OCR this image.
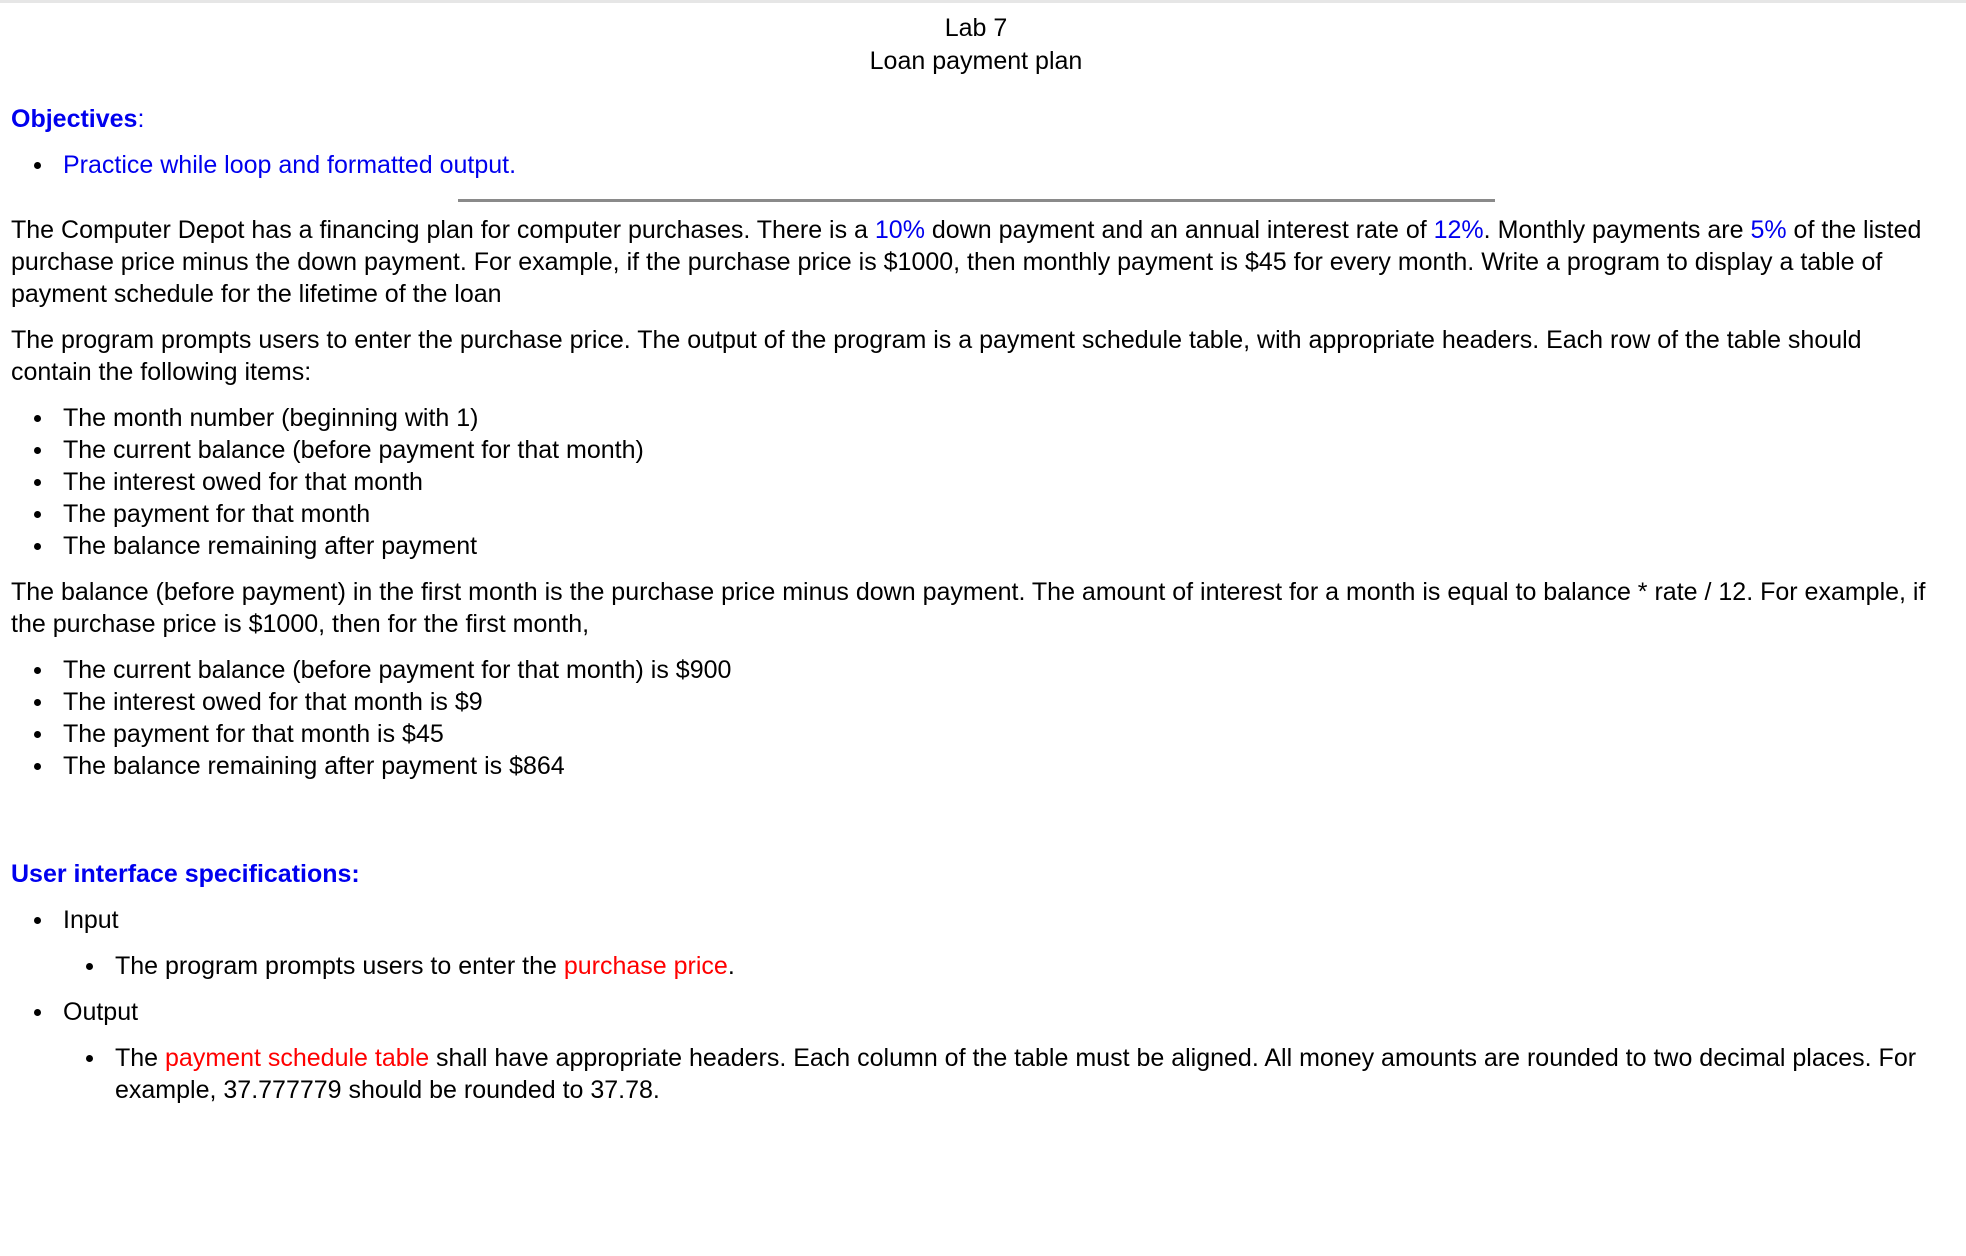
Lab 7
Loan payment plan
Objectives:
Practice while loop and formatted output.

The Computer Depot has a financing plan for computer purchases. There is a 10% down payment and an annual interest rate of 12%. Monthly payments are 5% of the listed purchase price minus the down payment. For example, if the purchase price is $1000, then monthly payment is $45 for every month. Write a program to display a table of payment schedule for the lifetime of the loan

The program prompts users to enter the purchase price. The output of the program is a payment schedule table, with appropriate headers. Each row of the table should contain the following items:

The month number (beginning with 1)
The current balance (before payment for that month)
The interest owed for that month
The payment for that month
The balance remaining after payment

The balance (before payment) in the first month is the purchase price minus down payment. The amount of interest for a month is equal to balance * rate / 12. For example, if the purchase price is $1000, then for the first month,

The current balance (before payment for that month) is $900
The interest owed for that month is $9
The payment for that month is $45
The balance remaining after payment is $864
User interface specifications:
Input
The program prompts users to enter the purchase price.
Output
The payment schedule table shall have appropriate headers. Each column of the table must be aligned. All money amounts are rounded to two decimal places. For example, 37.777779 should be rounded to 37.78.
